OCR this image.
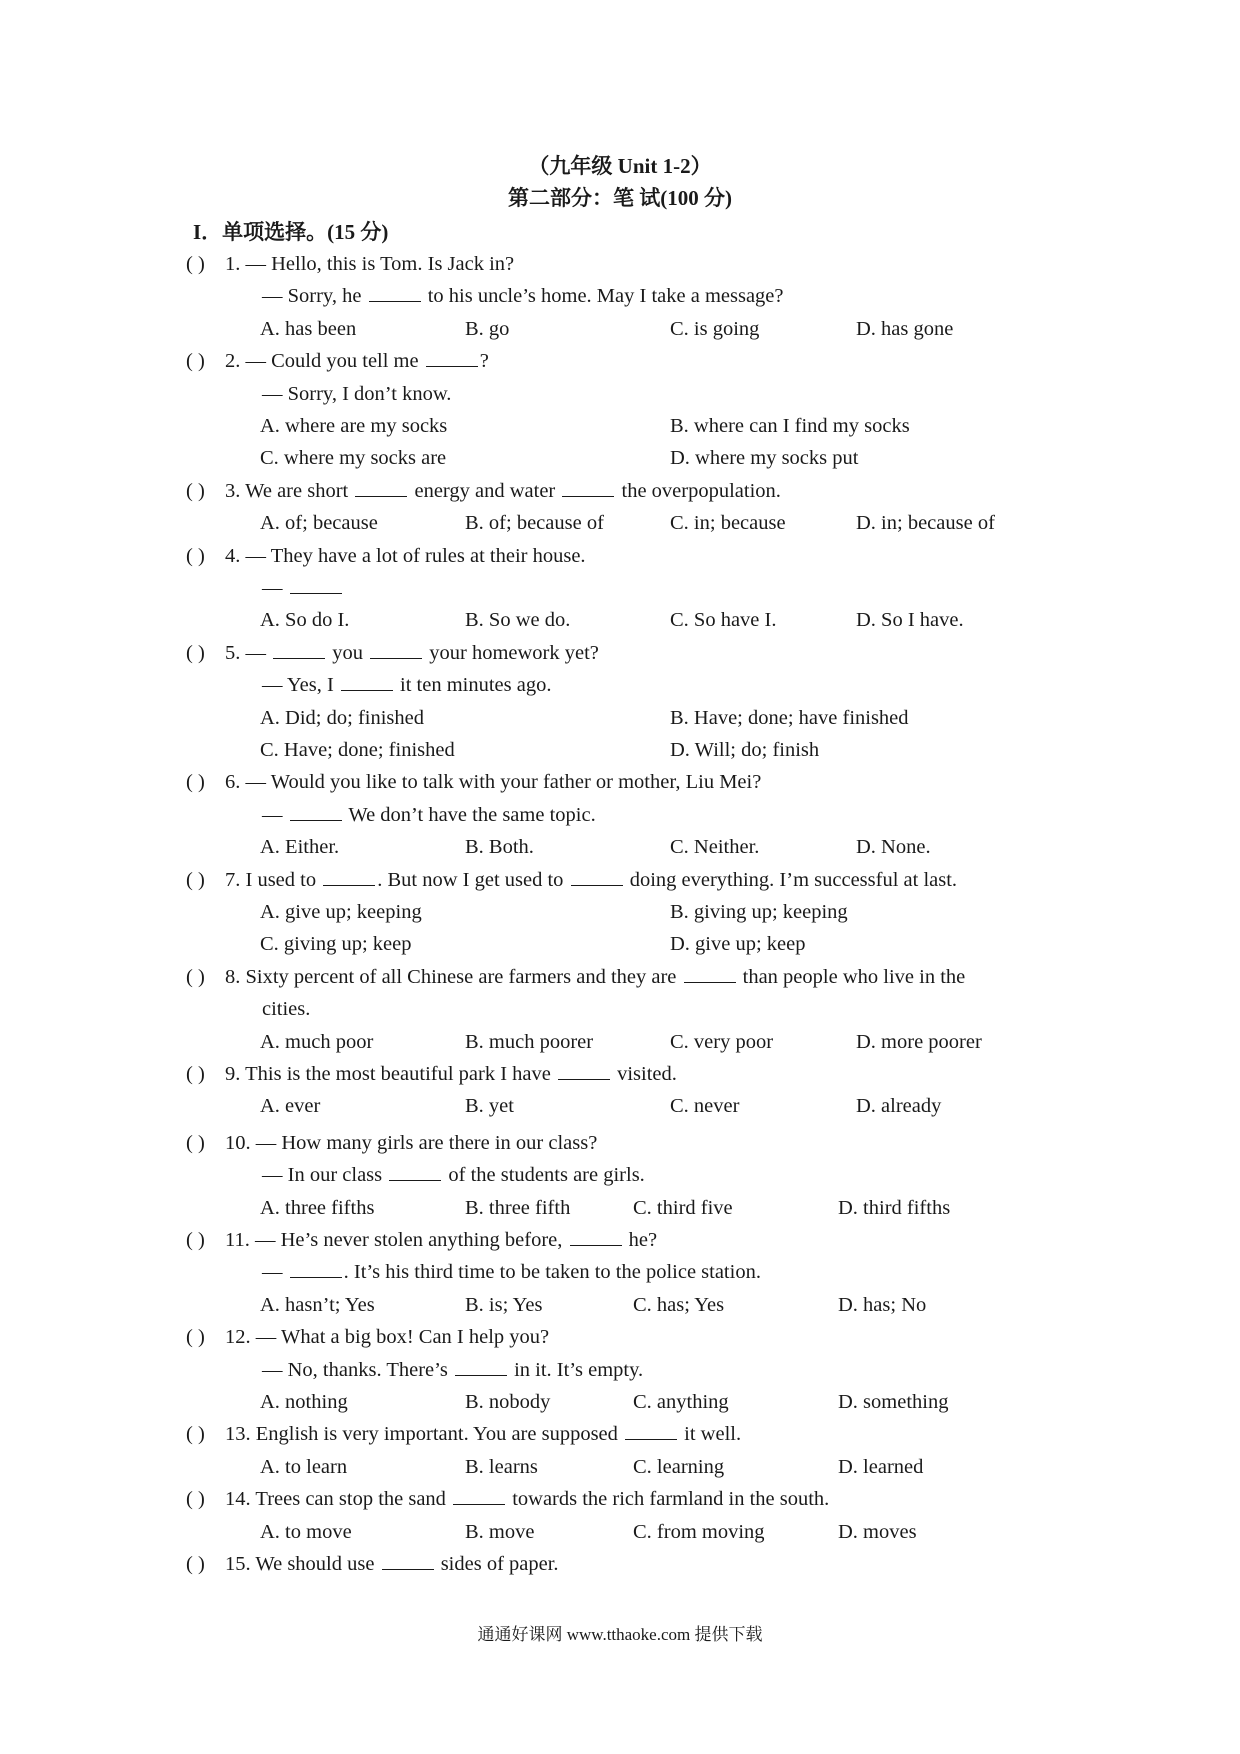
（九年级 Unit 1-2）
第二部分：笔 试(100 分)
I．单项选择。(15 分)
( ) 1. — Hello, this is Tom. Is Jack in?
— Sorry, he	to his uncle’s home. May I take a message?
A. has been	B. go	C. is going	D. has gone
( ) 2. — Could you tell me	?
— Sorry, I don’t know.
A. where are my socks	B. where can I find my socks
C. where my socks are	D. where my socks put
( ) 3. We are short	energy and water	the overpopulation.
A. of; because	B. of; because of	C. in; because	D. in; because of
( ) 4. — They have a lot of rules at their house.
—
A. So do I.	B. So we do.	C. So have I.	D. So I have.
( ) 5. —	you	your homework yet?
— Yes, I	it ten minutes ago.
A. Did; do; finished	B. Have; done; have finished
C. Have; done; finished	D. Will; do; finish
( ) 6. — Would you like to talk with your father or mother, Liu Mei?
—	We don’t have the same topic.
A. Either.	B. Both.	C. Neither.	D. None.
( ) 7. I used to	. But now I get used to	doing everything. I’m successful at last.
A. give up; keeping	B. giving up; keeping
C. giving up; keep	D. give up; keep
( ) 8. Sixty percent of all Chinese are farmers and they are	than people who live in the
cities.
A. much poor	B. much poorer	C. very poor	D. more poorer
( ) 9. This is the most beautiful park I have	visited.
A. ever	B. yet	C. never	D. already
( ) 10. — How many girls are there in our class?
— In our class	of the students are girls.
A. three fifths	B. three fifth	C. third five	D. third fifths
( ) 11. — He’s never stolen anything before,	he?
—	. It’s his third time to be taken to the police station.
A. hasn’t; Yes	B. is; Yes	C. has; Yes	D. has; No
( ) 12. — What a big box! Can I help you?
— No, thanks. There’s	in it. It’s empty.
A. nothing	B. nobody	C. anything	D. something
( ) 13. English is very important. You are supposed	it well.
A. to learn	B. learns	C. learning	D. learned
( ) 14. Trees can stop the sand	towards the rich farmland in the south.
A. to move	B. move	C. from moving	D. moves
( ) 15. We should use	sides of paper.
通通好课网 www.tthaoke.com 提供下载
